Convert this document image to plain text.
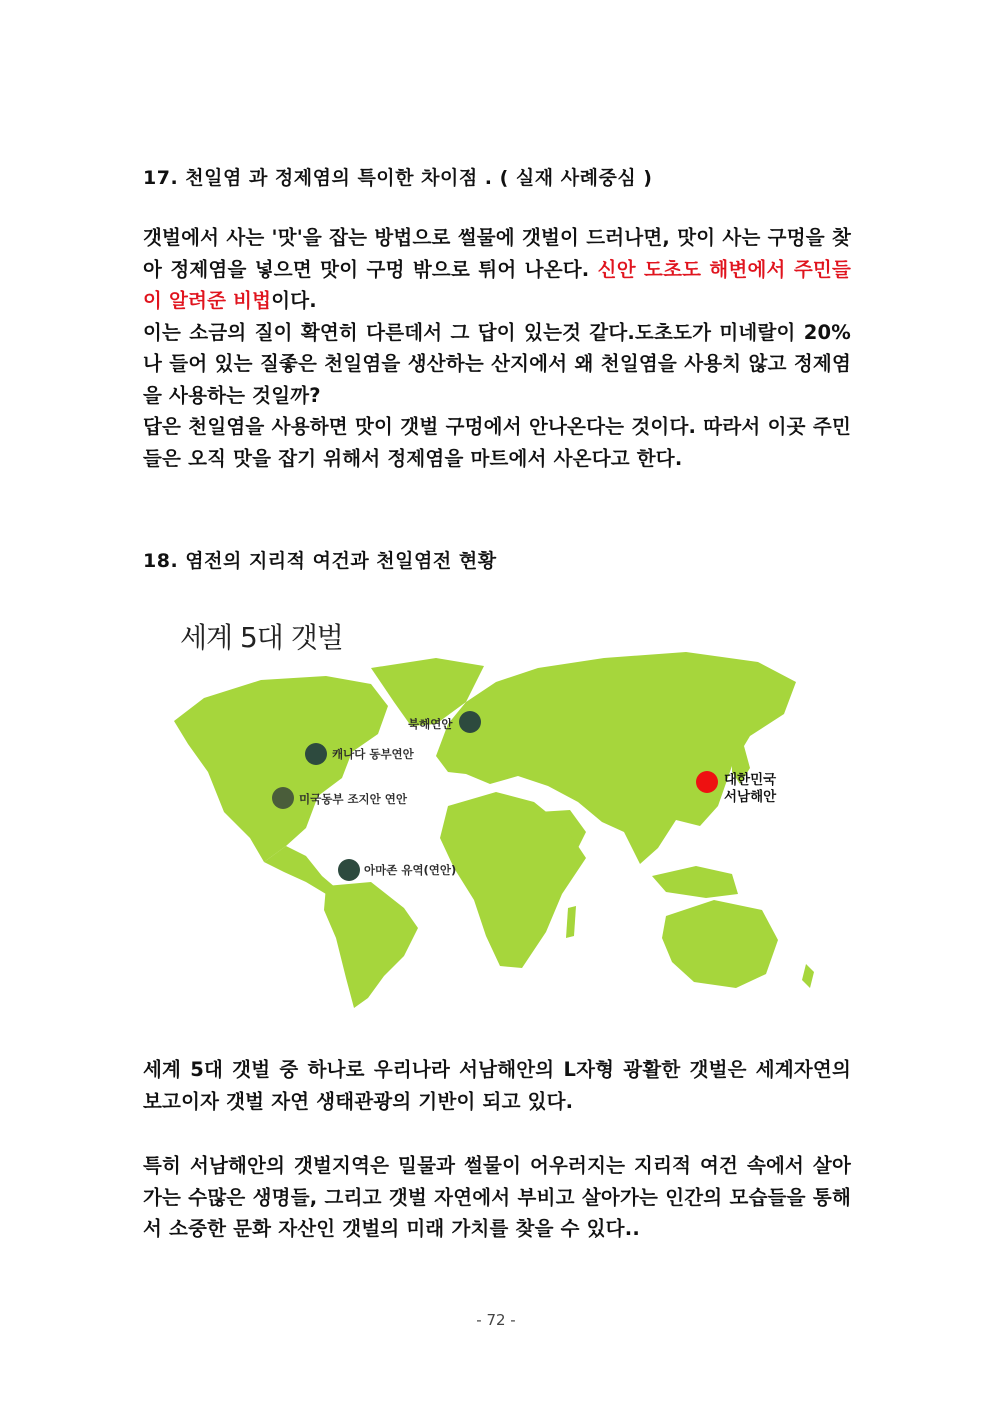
17. 천일염 과 정제염의 특이한 차이점 . ( 실재 사례중심 )

갯벌에서 사는 '맛'을 잡는 방법으로 썰물에 갯벌이 드러나면, 맛이 사는 구멍을 찾아 정제염을 넣으면 맛이 구멍 밖으로 튀어 나온다. 신안 도초도 해변에서 주민들이 알려준 비법이다.

이는 소금의 질이 확연히 다른데서 그 답이 있는것 같다.도초도가 미네랄이 20%나 들어 있는 질좋은 천일염을 생산하는 산지에서 왜 천일염을 사용치 않고 정제염을 사용하는 것일까?

답은 천일염을 사용하면 맛이 갯벌 구멍에서 안나온다는 것이다. 따라서 이곳 주민들은 오직 맛을 잡기 위해서 정제염을 마트에서 사온다고 한다.

18. 염전의 지리적 여건과 천일염전 현황
세계 5대 갯벌
북해연안
캐나다 동부연안
미국동부 조지안 연안
아마존 유역(연안)
대한민국
서남해안

세계 5대 갯벌 중 하나로 우리나라 서남해안의 L자형 광활한 갯벌은 세계자연의 보고이자 갯벌 자연 생태관광의 기반이 되고 있다.

특히 서남해안의 갯벌지역은 밀물과 썰물이 어우러지는 지리적 여건 속에서 살아가는 수많은 생명들, 그리고 갯벌 자연에서 부비고 살아가는 인간의 모습들을 통해서 소중한 문화 자산인 갯벌의 미래 가치를 찾을 수 있다..

- 72 -
